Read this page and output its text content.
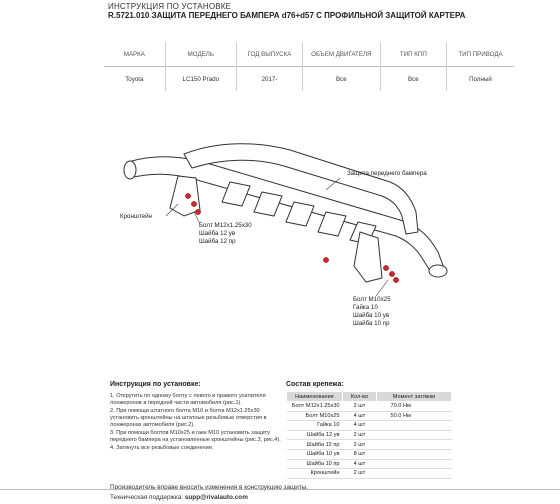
ИНСТРУКЦИЯ ПО УСТАНОВКЕ
R.5721.010 ЗАЩИТА ПЕРЕДНЕГО БАМПЕРА d76+d57 С ПРОФИЛЬНОЙ ЗАЩИТОЙ КАРТЕРА
МАРКА	МОДЕЛЬ	ГОД ВЫПУСКА	ОБЪЕМ ДВИГАТЕЛЯ	ТИП КПП	ТИП ПРИВОДА
Toyota	LC150 Prado	2017-	Все	Все	Полный
Защита переднего бампера
Кронштейн
Болт М12х1.25х30
Шайба 12 ув
Шайба 12 пр
Болт М10х25
Гайка 10
Шайба 10 ув
Шайба 10 пр
Инструкция по установке:
1. Открутить по одному болту с левого и правого усилителя лонжеронов в передней части автомобиля (рис.1).
2. При помощи штатного болта М10 и болта М12х1.25х30 установить кронштейны на штатные резьбовые отверстия в лонжеронах автомобиля (рис.2).
3. При помощи болтов М10х25 и гаек М10 установить защиту переднего бампера на установленные кронштейны (рис.3, рис.4).
4. Затянуть все резьбовые соединения.
Состав крепежа:
Наименование	Кол-во	Момент затяжки
Болт М12х1.25х30	2 шт	70.0 Нм
Болт М10х25	4 шт	50.0 Нм
Гайка 10	4 шт	
Шайба 12 ув	2 шт	
Шайба 12 пр	2 шт	
Шайба 10 ув	8 шт	
Шайба 10 пр	4 шт	
Кронштейн	2 шт	
Производитель вправе вносить изменения в конструкцию защиты.
Техническая поддержка: supp@rivalauto.com
